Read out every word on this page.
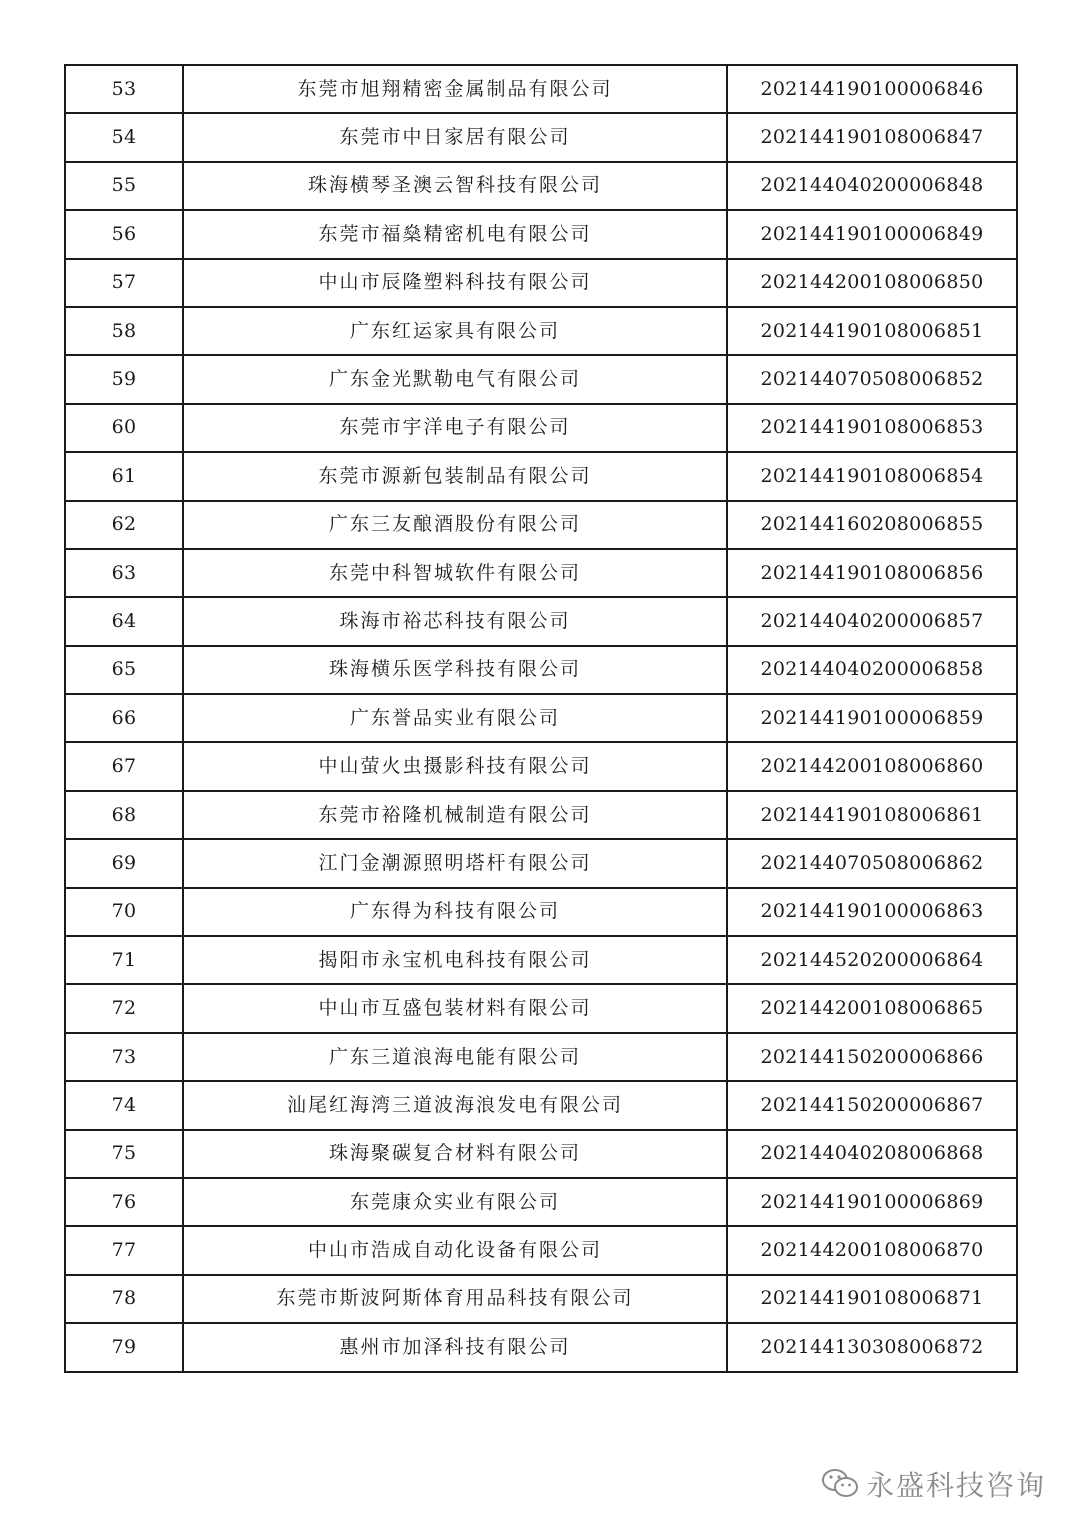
53	东莞市旭翔精密金属制品有限公司	202144190100006846
54	东莞市中日家居有限公司	202144190108006847
55	珠海横琴圣澳云智科技有限公司	202144040200006848
56	东莞市福燊精密机电有限公司	202144190100006849
57	中山市辰隆塑料科技有限公司	202144200108006850
58	广东红运家具有限公司	202144190108006851
59	广东金光默勒电气有限公司	202144070508006852
60	东莞市宇洋电子有限公司	202144190108006853
61	东莞市源新包装制品有限公司	202144190108006854
62	广东三友酿酒股份有限公司	202144160208006855
63	东莞中科智城软件有限公司	202144190108006856
64	珠海市裕芯科技有限公司	202144040200006857
65	珠海横乐医学科技有限公司	202144040200006858
66	广东誉品实业有限公司	202144190100006859
67	中山萤火虫摄影科技有限公司	202144200108006860
68	东莞市裕隆机械制造有限公司	202144190108006861
69	江门金潮源照明塔杆有限公司	202144070508006862
70	广东得为科技有限公司	202144190100006863
71	揭阳市永宝机电科技有限公司	202144520200006864
72	中山市互盛包装材料有限公司	202144200108006865
73	广东三道浪海电能有限公司	202144150200006866
74	汕尾红海湾三道波海浪发电有限公司	202144150200006867
75	珠海聚碳复合材料有限公司	202144040208006868
76	东莞康众实业有限公司	202144190100006869
77	中山市浩成自动化设备有限公司	202144200108006870
78	东莞市斯波阿斯体育用品科技有限公司	202144190108006871
79	惠州市加泽科技有限公司	202144130308006872
永盛科技咨询
